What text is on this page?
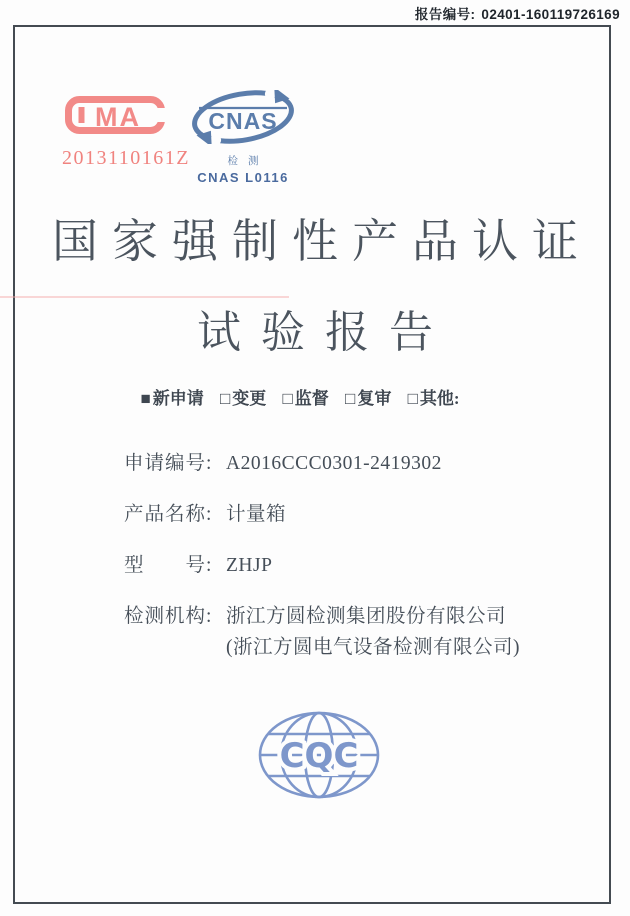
报告编号: 02401-160119726169
MA
2013110161Z
CNAS
检测
CNAS L0116
国家强制性产品认证
试验报告
■ 新申请 □ 变更 □ 监督 □ 复审 □ 其他:
申请编号: A2016CCC0301-2419302
产品名称: 计量箱
型　　号: ZHJP
检测机构: 浙江方圆检测集团股份有限公司
(浙江方圆电气设备检测有限公司)
CQC
